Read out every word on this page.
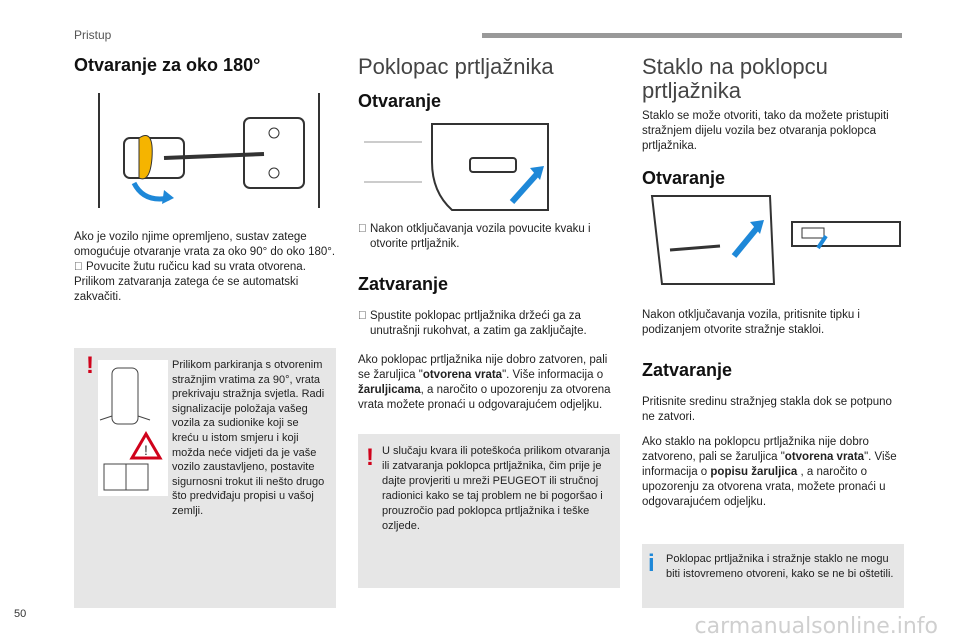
Pristup
Otvaranje za oko 180°

Ako je vozilo njime opremljeno, sustav zatege omogućuje otvaranje vrata za oko 90° do oko 180°.

Povucite žutu ručicu kad su vrata otvorena.

Prilikom zatvaranja zatega će se automatski zakvačiti.

!
!

Prilikom parkiranja s otvorenim stražnjim vratima za 90°, vrata prekrivaju stražnja svjetla. Radi signalizacije položaja vašeg vozila za sudionike koji se kreću u istom smjeru i koji možda neće vidjeti da je vaše vozilo zaustavljeno, postavite sigurnosni trokut ili nešto drugo što predviđaju propisi u vašoj zemlji.

Poklopac prtljažnika
Otvaranje
Nakon otključavanja vozila povucite kvaku i otvorite prtljažnik.
Zatvaranje
Spustite poklopac prtljažnika držeći ga za unutrašnji rukohvat, a zatim ga zaključajte.

Ako poklopac prtljažnika nije dobro zatvoren, pali se žaruljica "otvorena vrata". Više informacija o žaruljicama, a naročito o upozorenju za otvorena vrata možete pronaći u odgovarajućem odjeljku.

! U slučaju kvara ili poteškoća prilikom otvaranja ili zatvaranja poklopca prtljažnika, čim prije je dajte provjeriti u mreži PEUGEOT ili stručnoj radionici kako se taj problem ne bi pogoršao i prouzročio pad poklopca prtljažnika i teške ozljede.

Staklo na poklopcu prtljažnika

Staklo se može otvoriti, tako da možete pristupiti stražnjem dijelu vozila bez otvaranja poklopca prtljažnika.

Otvaranje

Nakon otključavanja vozila, pritisnite tipku i podizanjem otvorite stražnje stakloi.

Zatvaranje

Pritisnite sredinu stražnjeg stakla dok se potpuno ne zatvori.

Ako staklo na poklopcu prtljažnika nije dobro zatvoreno, pali se žaruljica "otvorena vrata". Više informacija o popisu žaruljica , a naročito o upozorenju za otvorena vrata, možete pronaći u odgovarajućem odjeljku.

i Poklopac prtljažnika i stražnje staklo ne mogu biti istovremeno otvoreni, kako se ne bi oštetili.

50	carmanualsonline.info
